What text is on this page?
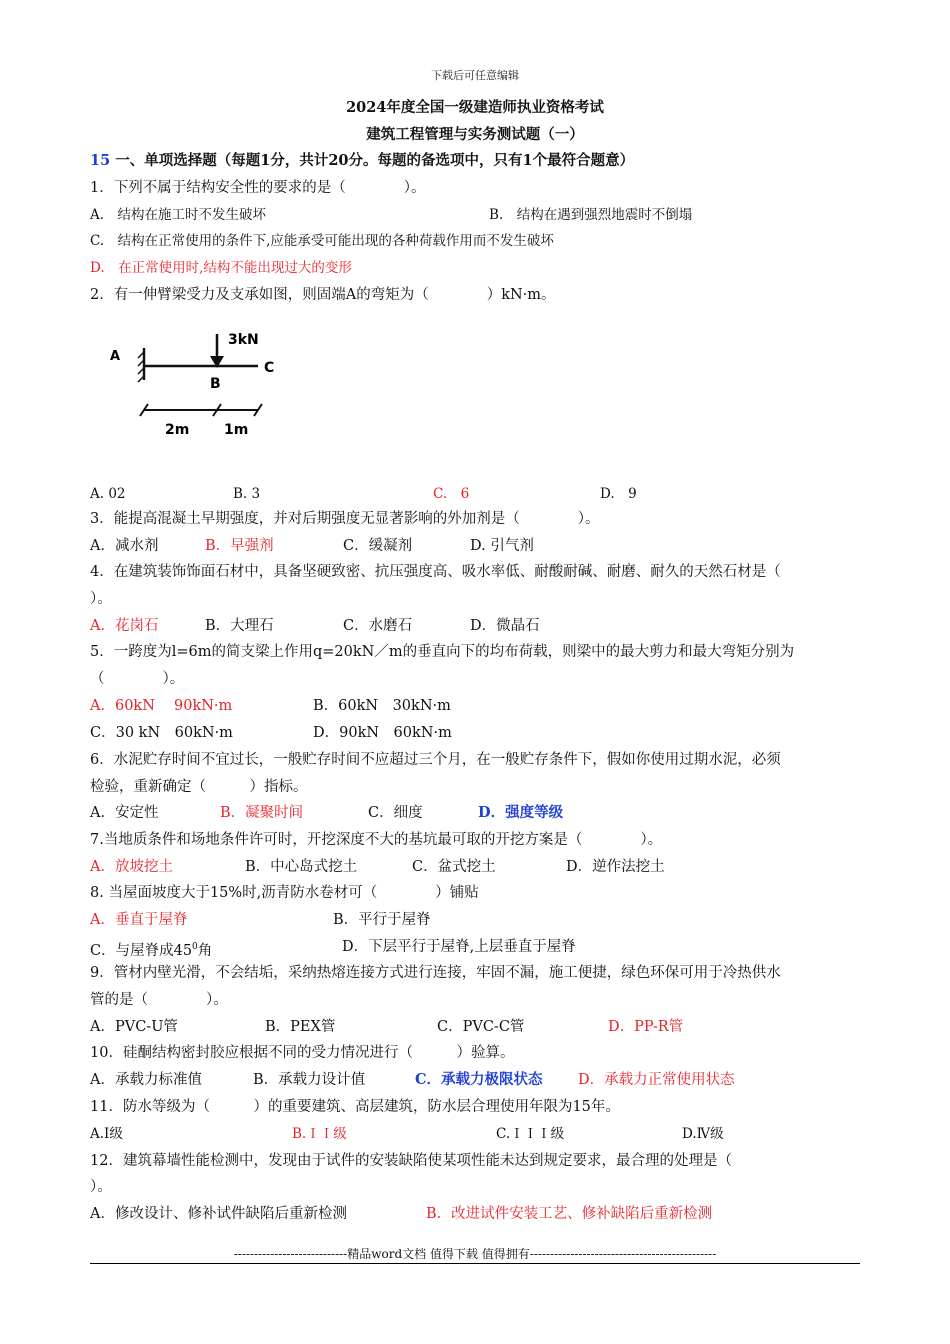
下载后可任意编辑
2024年度全国一级建造师执业资格考试
建筑工程管理与实务测试题（一）
15 一、单项选择题（每题1分，共计20分。每题的备选项中，只有1个最符合题意）
1．下列不属于结构安全性的要求的是（　　　　）。
A.　结构在施工时不发生破坏	B.　结构在遇到强烈地震时不倒塌
C.　结构在正常使用的条件下,应能承受可能出现的各种荷载作用而不发生破坏
D.　在正常使用时,结构不能出现过大的变形
2．有一伸臂梁受力及支承如图，则固端A的弯矩为（　　　　）kN·m。
A
3kN
B
C
2m 1m
A. 02	B. 3	C.　6	D.　9
3．能提高混凝土早期强度，并对后期强度无显著影响的外加剂是（　　　　）。
A．减水剂	B．早强剂	C．缓凝剂	D. 引气剂
4．在建筑装饰饰面石材中，具备坚硬致密、抗压强度高、吸水率低、耐酸耐碱、耐磨、耐久的天然石材是（
）。
A．花岗石	B．大理石	C．水磨石	D．微晶石
5．一跨度为l=6m的简支梁上作用q=20kN／m的垂直向下的均布荷载，则梁中的最大剪力和最大弯矩分别为
（　　　　）。
A．60kN　 90kN·m	B．60kN　30kN·m
C．30 kN　60kN·m	D．90kN　60kN·m
6．水泥贮存时间不宜过长，一般贮存时间不应超过三个月，在一般贮存条件下，假如你使用过期水泥，必须
检验，重新确定（　　　）指标。
A．安定性	B．凝聚时间	C．细度	D．强度等级
7.当地质条件和场地条件许可时，开挖深度不大的基坑最可取的开挖方案是（　　　　）。
A．放坡挖土	B．中心岛式挖土	C．盆式挖土	D．逆作法挖土
8. 当屋面坡度大于15%时,沥青防水卷材可（　　　　）铺贴
A．垂直于屋脊	B．平行于屋脊
C．与屋脊成$45^0$角	D．下层平行于屋脊,上层垂直于屋脊
9．管材内壁光滑，不会结垢，采纳热熔连接方式进行连接，牢固不漏，施工便捷，绿色环保可用于冷热供水
管的是（　　　　）。
A．PVC-U管	B．PEX管	C．PVC-C管	D．PP-R管
10．硅酮结构密封胶应根据不同的受力情况进行（　　　）验算。
A．承载力标准值	B．承载力设计值	C．承载力极限状态 D．承载力正常使用状态
11．防水等级为（　　　）的重要建筑、高层建筑，防水层合理使用年限为15年。
A.Ⅰ级	B.ＩＩ级	C.ＩＩＩ级	D.Ⅳ级
12．建筑幕墙性能检测中，发现由于试件的安装缺陷使某项性能未达到规定要求，最合理的处理是（
）。
A．修改设计、修补试件缺陷后重新检测	B．改进试件安装工艺、修补缺陷后重新检测
----------------------------精品word文档 值得下载 值得拥有----------------------------------------------
